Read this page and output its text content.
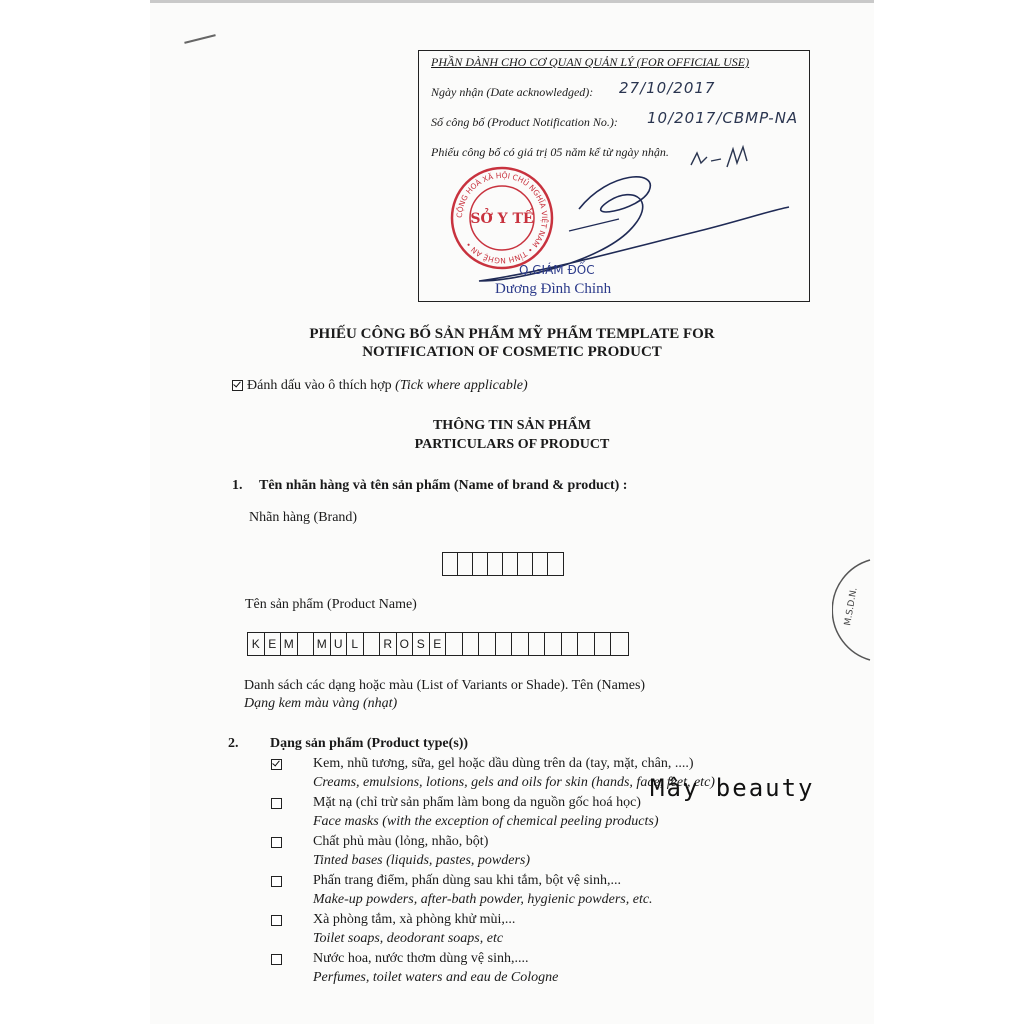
PHẦN DÀNH CHO CƠ QUAN QUẢN LÝ (FOR OFFICIAL USE)
Ngày nhận (Date acknowledged): 27/10/2017
Số công bố (Product Notification No.): 10/2017/CBMP-NA
Phiếu công bố có giá trị 05 năm kể từ ngày nhận.
CỘNG HOÀ XÃ HỘI CHỦ NGHĨA VIỆT NAM • TỈNH NGHỆ AN •
SỞ Y TẾ
Q.GIÁM ĐỐC
Dương Đình Chỉnh
M.S.D.N.
PHIẾU CÔNG BỐ SẢN PHẨM MỸ PHẨM TEMPLATE FOR
NOTIFICATION OF COSMETIC PRODUCT
Đánh dấu vào ô thích hợp (Tick where applicable)
THÔNG TIN SẢN PHẨM
PARTICULARS OF PRODUCT
1. Tên nhãn hàng và tên sản phẩm (Name of brand & product) :
Nhãn hàng (Brand)
Tên sản phẩm (Product Name)
K E M	M U L	R O S E
Danh sách các dạng hoặc màu (List of Variants or Shade). Tên (Names)
Dạng kem màu vàng (nhạt)
2. Dạng sản phẩm (Product type(s))
Kem, nhũ tương, sữa, gel hoặc dầu dùng trên da (tay, mặt, chân, ....)
Creams, emulsions, lotions, gels and oils for skin (hands, face, feet, etc)
Mặt nạ (chỉ trừ sản phẩm làm bong da nguồn gốc hoá học)
Face masks (with the exception of chemical peeling products)
Chất phủ màu (lỏng, nhão, bột)
Tinted bases (liquids, pastes, powders)
Phấn trang điểm, phấn dùng sau khi tắm, bột vệ sinh,...
Make-up powders, after-bath powder, hygienic powders, etc.
Xà phòng tắm, xà phòng khử mùi,...
Toilet soaps, deodorant soaps, etc
Nước hoa, nước thơm dùng vệ sinh,....
Perfumes, toilet waters and eau de Cologne
Mây beauty
